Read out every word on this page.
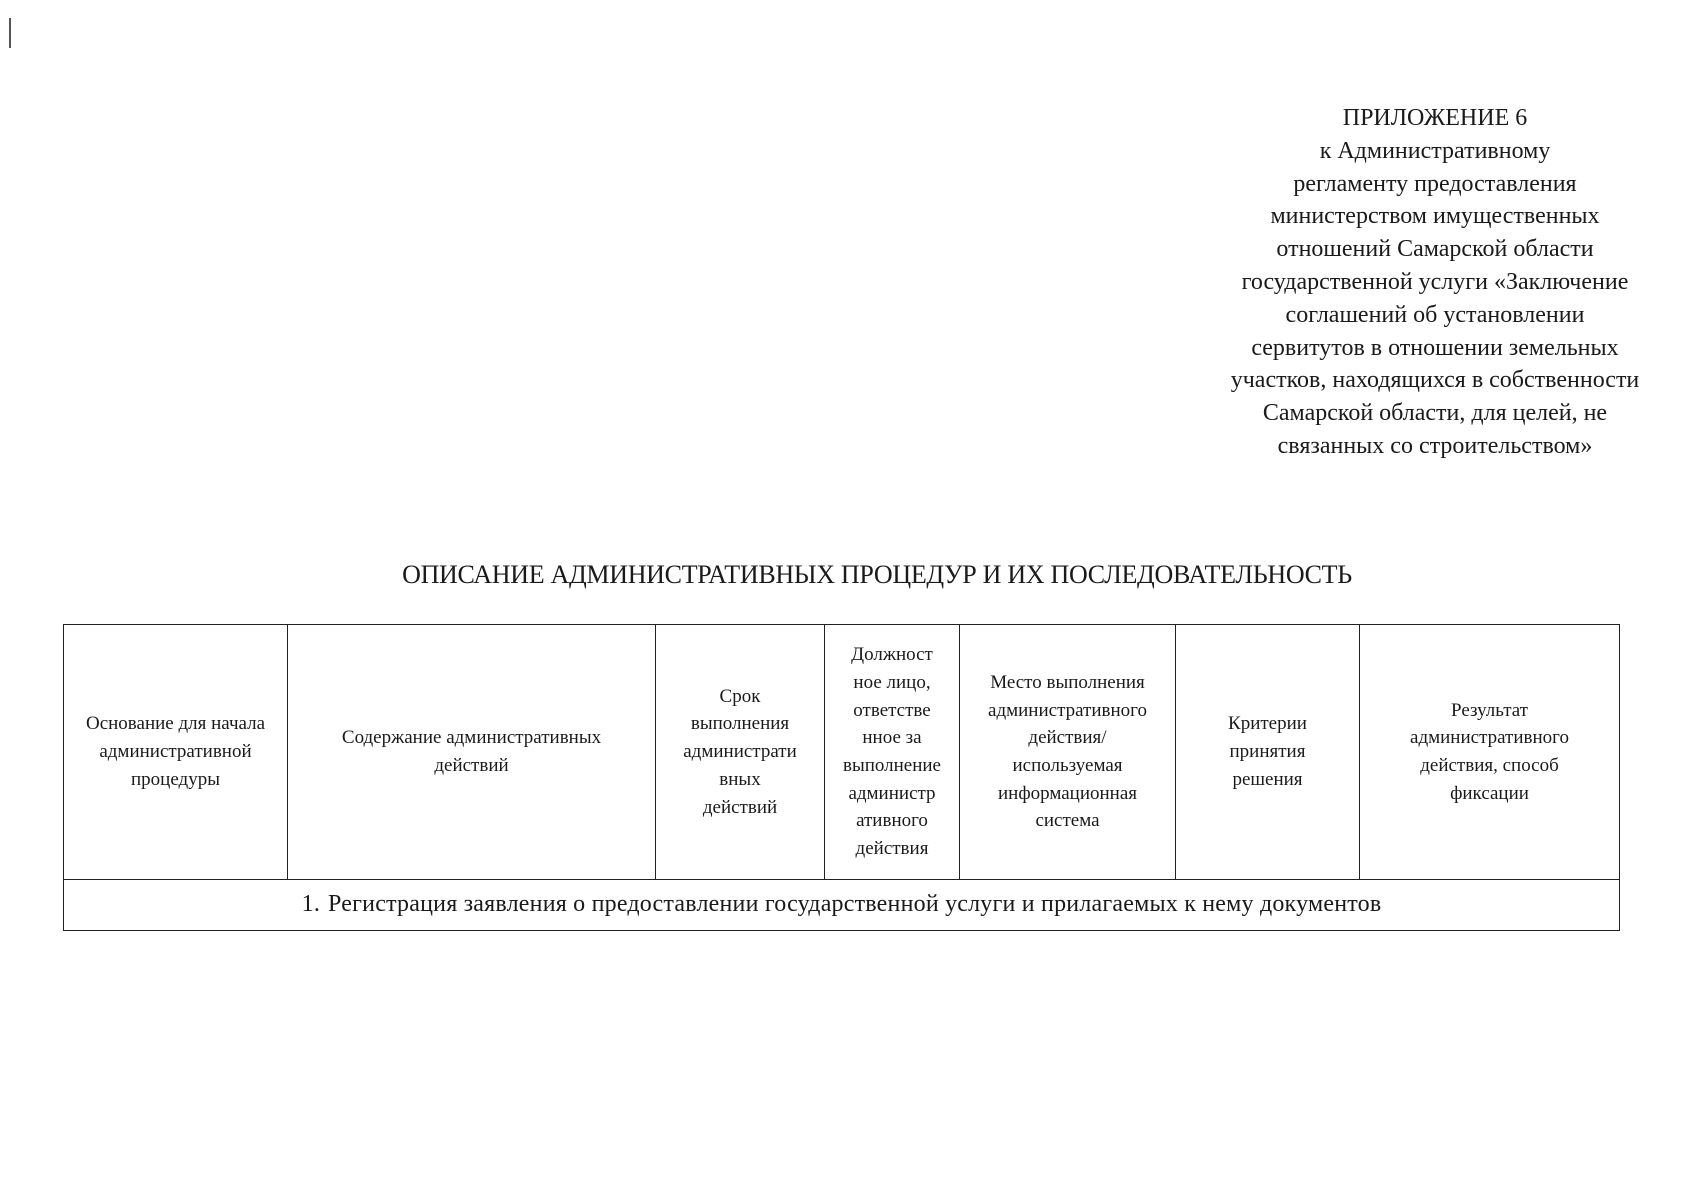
ПРИЛОЖЕНИЕ 6
к Административному
регламенту предоставления
министерством имущественных
отношений Самарской области
государственной услуги «Заключение
соглашений об установлении
сервитутов в отношении земельных
участков, находящихся в собственности
Самарской области, для целей, не
связанных со строительством»
ОПИСАНИЕ АДМИНИСТРАТИВНЫХ ПРОЦЕДУР И ИХ ПОСЛЕДОВАТЕЛЬНОСТЬ
Основание для начала
административной
процедуры	Содержание административных
действий	Срок
выполнения
администрати
вных
действий	Должност
ное лицо,
ответстве
нное за
выполнение
администр
ативного
действия	Место выполнения
административного
действия/
используемая
информационная
система	Критерии
принятия
решения	Результат
административного
действия, способ
фиксации
1. Регистрация заявления о предоставлении государственной услуги и прилагаемых к нему документов
